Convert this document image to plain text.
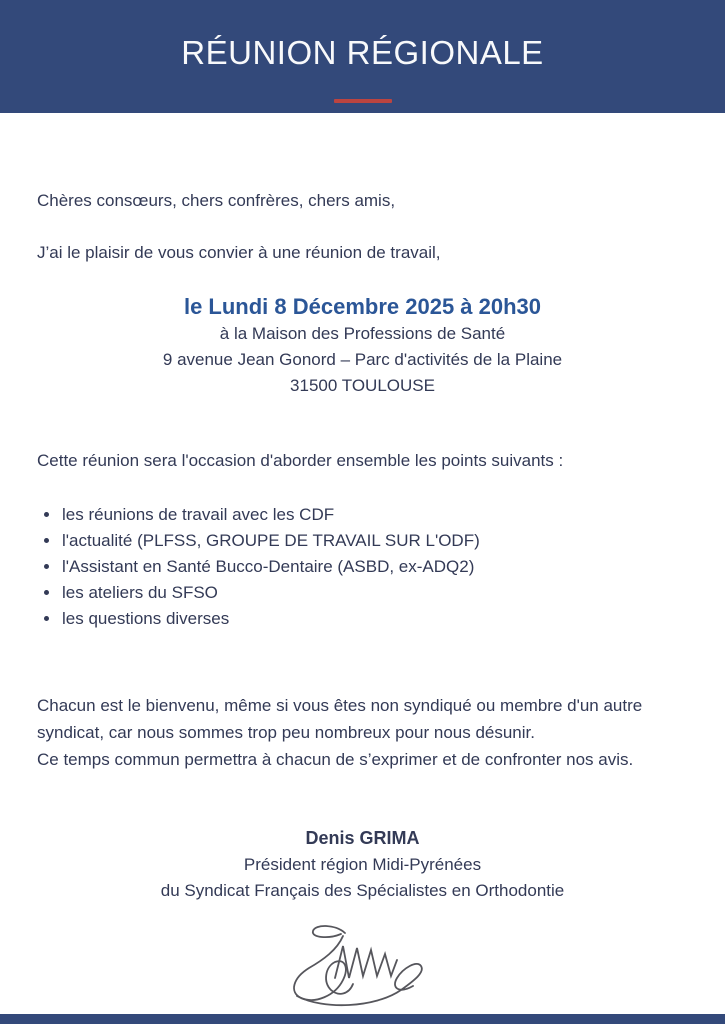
RÉUNION RÉGIONALE

Chères consœurs, chers confrères, chers amis,

J’ai le plaisir de vous convier à une réunion de travail,

le Lundi 8 Décembre 2025 à 20h30
à la Maison des Professions de Santé
9 avenue Jean Gonord – Parc d'activités de la Plaine
31500 TOULOUSE

Cette réunion sera l'occasion d'aborder ensemble les points suivants :

les réunions de travail avec les CDF
l'actualité (PLFSS, GROUPE DE TRAVAIL SUR L'ODF)
l'Assistant en Santé Bucco-Dentaire (ASBD, ex-ADQ2)
les ateliers du SFSO
les questions diverses
Chacun est le bienvenu, même si vous êtes non syndiqué ou membre d'un autre
syndicat, car nous sommes trop peu nombreux pour nous désunir.
Ce temps commun permettra à chacun de s’exprimer et de confronter nos avis.
Denis GRIMA
Président région Midi-Pyrénées
du Syndicat Français des Spécialistes en Orthodontie
